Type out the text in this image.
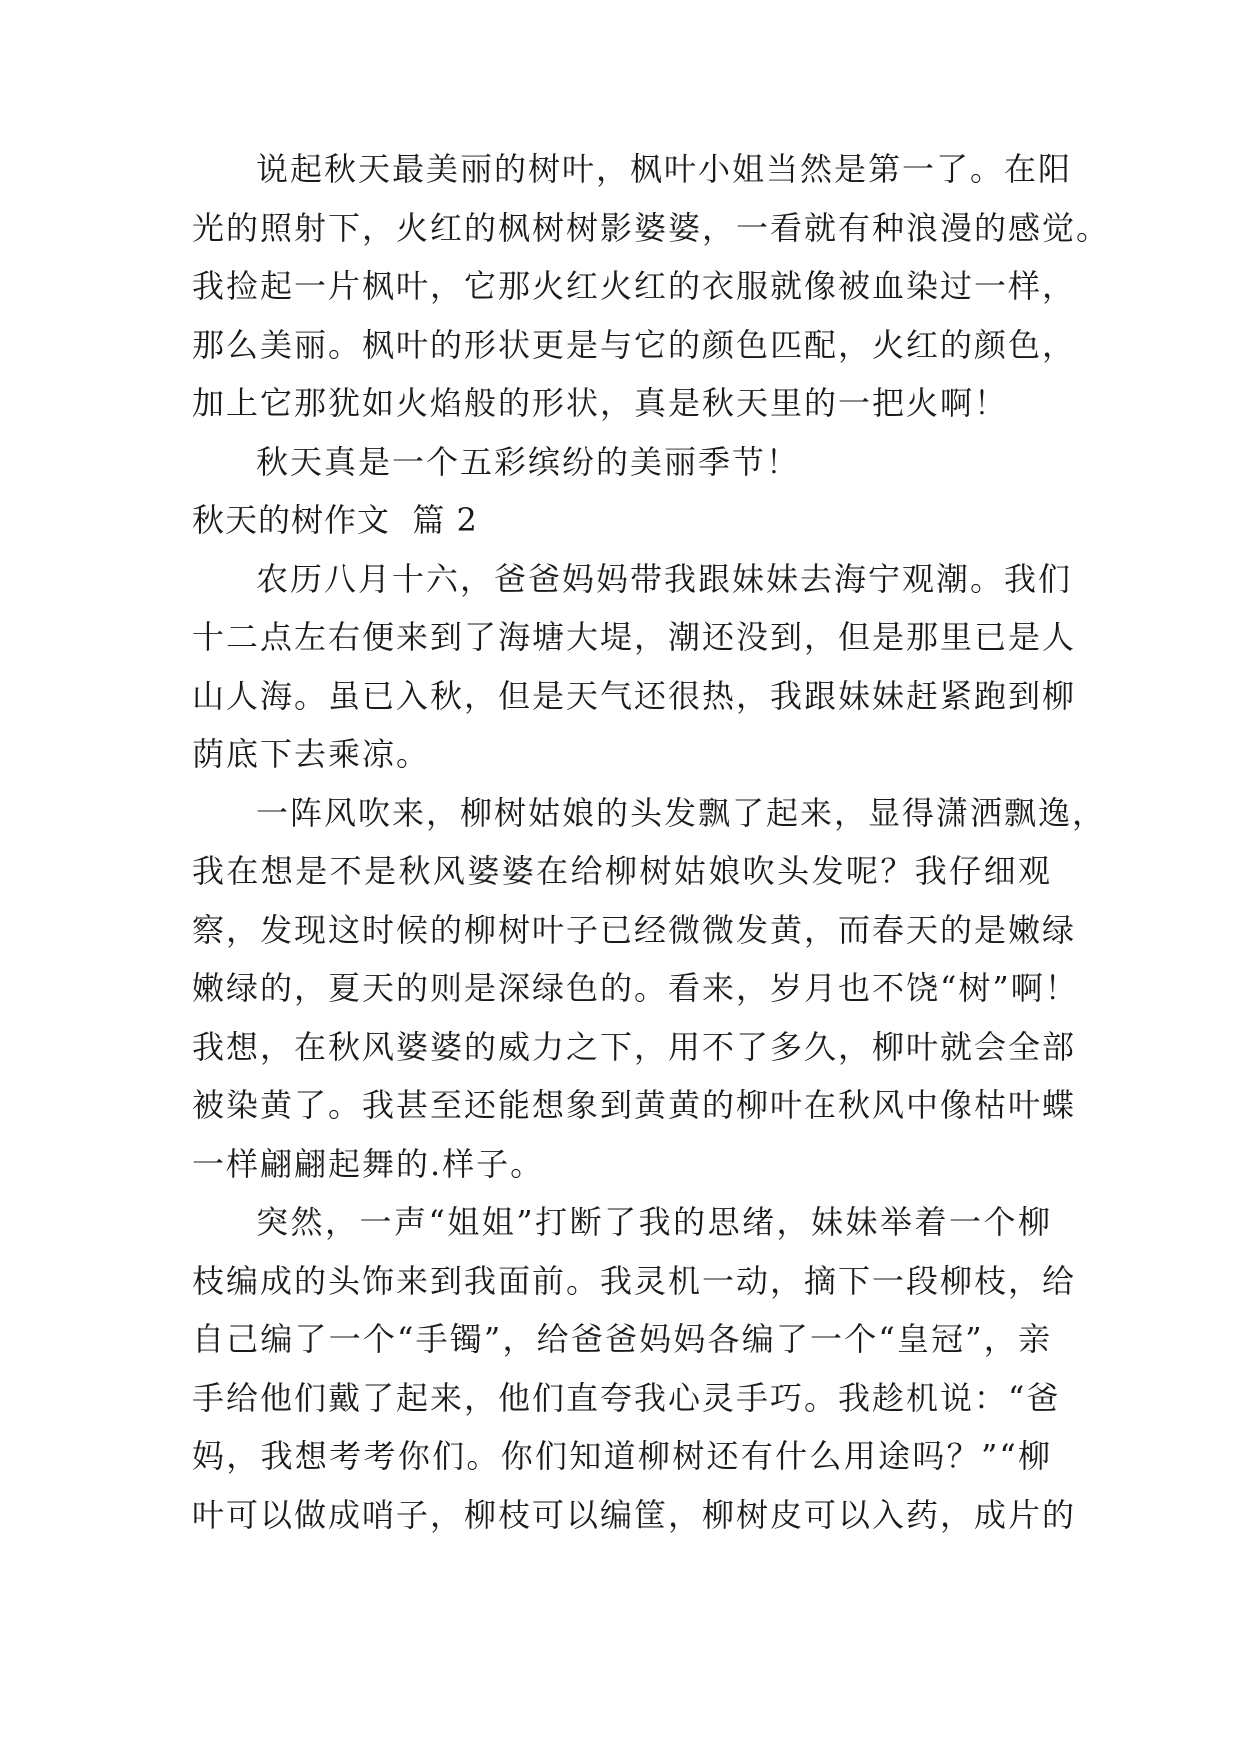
说起秋天最美丽的树叶，枫叶小姐当然是第一了。在阳
光的照射下，火红的枫树树影婆婆，一看就有种浪漫的感觉。
我捡起一片枫叶，它那火红火红的衣服就像被血染过一样，
那么美丽。枫叶的形状更是与它的颜色匹配，火红的颜色，
加上它那犹如火焰般的形状，真是秋天里的一把火啊！
秋天真是一个五彩缤纷的美丽季节！
秋天的树作文  篇 2
农历八月十六，爸爸妈妈带我跟妹妹去海宁观潮。我们
十二点左右便来到了海塘大堤，潮还没到，但是那里已是人
山人海。虽已入秋，但是天气还很热，我跟妹妹赶紧跑到柳
荫底下去乘凉。
一阵风吹来，柳树姑娘的头发飘了起来，显得潇洒飘逸，
我在想是不是秋风婆婆在给柳树姑娘吹头发呢？我仔细观
察，发现这时候的柳树叶子已经微微发黄，而春天的是嫩绿
嫩绿的，夏天的则是深绿色的。看来，岁月也不饶“树”啊！
我想，在秋风婆婆的威力之下，用不了多久，柳叶就会全部
被染黄了。我甚至还能想象到黄黄的柳叶在秋风中像枯叶蝶
一样翩翩起舞的.样子。
突然，一声“姐姐”打断了我的思绪，妹妹举着一个柳
枝编成的头饰来到我面前。我灵机一动，摘下一段柳枝，给
自己编了一个“手镯”，给爸爸妈妈各编了一个“皇冠”，亲
手给他们戴了起来，他们直夸我心灵手巧。我趁机说：“爸
妈，我想考考你们。你们知道柳树还有什么用途吗？”“柳
叶可以做成哨子，柳枝可以编筐，柳树皮可以入药，成片的
